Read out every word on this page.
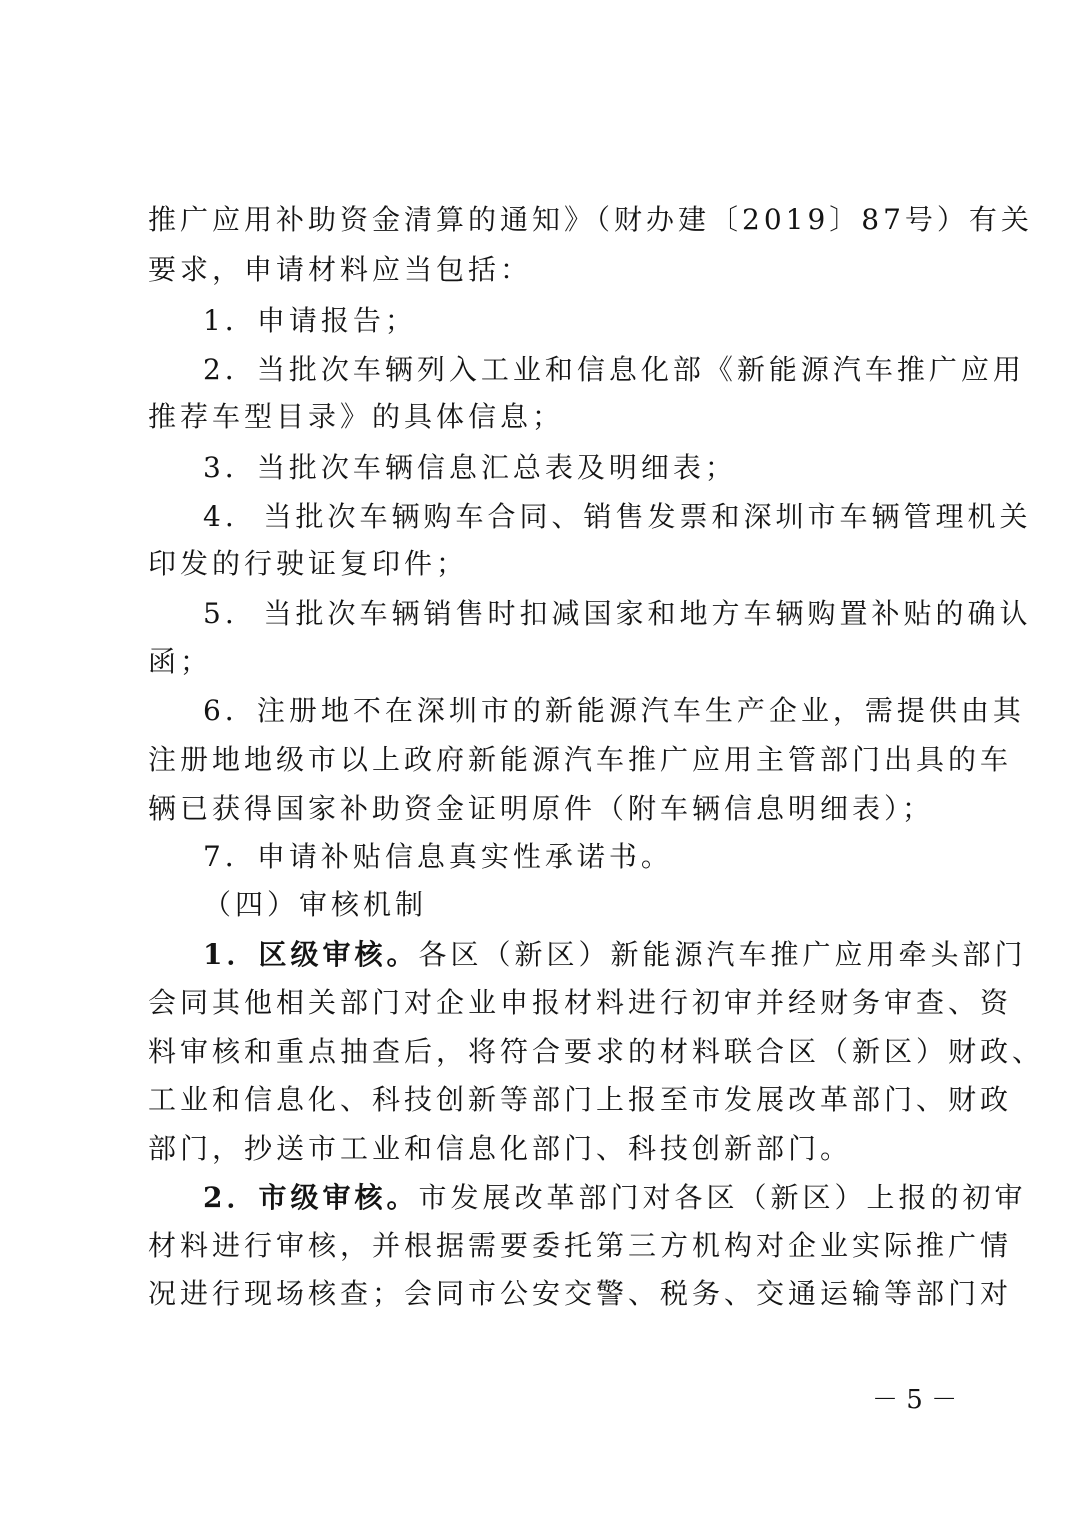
推广应用补助资金清算的通知》（财办建〔2019〕87号）有关
要求，申请材料应当包括：
1．申请报告；
2．当批次车辆列入工业和信息化部《新能源汽车推广应用
推荐车型目录》的具体信息；
3．当批次车辆信息汇总表及明细表；
4.  当批次车辆购车合同、销售发票和深圳市车辆管理机关
印发的行驶证复印件；
5.  当批次车辆销售时扣减国家和地方车辆购置补贴的确认
函；
6．注册地不在深圳市的新能源汽车生产企业，需提供由其
注册地地级市以上政府新能源汽车推广应用主管部门出具的车
辆已获得国家补助资金证明原件（附车辆信息明细表）；
7．申请补贴信息真实性承诺书。
（四）审核机制
1．区级审核。各区（新区）新能源汽车推广应用牵头部门
会同其他相关部门对企业申报材料进行初审并经财务审查、资
料审核和重点抽查后，将符合要求的材料联合区（新区）财政、
工业和信息化、科技创新等部门上报至市发展改革部门、财政
部门，抄送市工业和信息化部门、科技创新部门。
2．市级审核。市发展改革部门对各区（新区）上报的初审
材料进行审核，并根据需要委托第三方机构对企业实际推广情
况进行现场核查；会同市公安交警、税务、交通运输等部门对
－ 5 －
